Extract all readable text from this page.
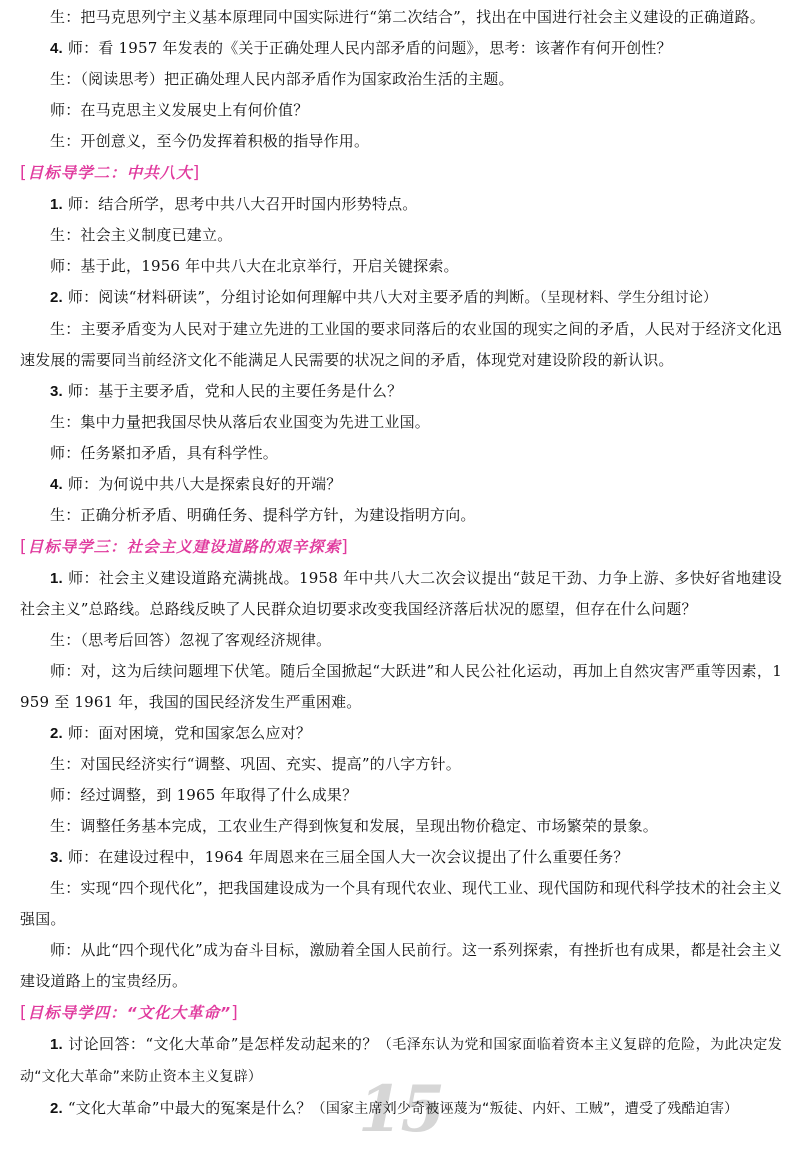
15

生：把马克思列宁主义基本原理同中国实际进行“第二次结合”，找出在中国进行社会主义建设的正确道路。

4. 师：看 1957 年发表的《关于正确处理人民内部矛盾的问题》，思考：该著作有何开创性？

生：（阅读思考）把正确处理人民内部矛盾作为国家政治生活的主题。

师：在马克思主义发展史上有何价值？

生：开创意义，至今仍发挥着积极的指导作用。

[目标导学二：中共八大]

1. 师：结合所学，思考中共八大召开时国内形势特点。

生：社会主义制度已建立。

师：基于此，1956 年中共八大在北京举行，开启关键探索。

2. 师：阅读“材料研读”，分组讨论如何理解中共八大对主要矛盾的判断。（呈现材料、学生分组讨论）

生：主要矛盾变为人民对于建立先进的工业国的要求同落后的农业国的现实之间的矛盾，人民对于经济文化迅速发展的需要同当前经济文化不能满足人民需要的状况之间的矛盾，体现党对建设阶段的新认识。

3. 师：基于主要矛盾，党和人民的主要任务是什么？

生：集中力量把我国尽快从落后农业国变为先进工业国。

师：任务紧扣矛盾，具有科学性。

4. 师：为何说中共八大是探索良好的开端？

生：正确分析矛盾、明确任务、提科学方针，为建设指明方向。

[目标导学三：社会主义建设道路的艰辛探索]

1. 师：社会主义建设道路充满挑战。1958 年中共八大二次会议提出“鼓足干劲、力争上游、多快好省地建设社会主义”总路线。总路线反映了人民群众迫切要求改变我国经济落后状况的愿望，但存在什么问题？

生：（思考后回答）忽视了客观经济规律。

师：对，这为后续问题埋下伏笔。随后全国掀起“大跃进”和人民公社化运动，再加上自然灾害严重等因素，1959 至 1961 年，我国的国民经济发生严重困难。

2. 师：面对困境，党和国家怎么应对？

生：对国民经济实行“调整、巩固、充实、提高”的八字方针。

师：经过调整，到 1965 年取得了什么成果？

生：调整任务基本完成，工农业生产得到恢复和发展，呈现出物价稳定、市场繁荣的景象。

3. 师：在建设过程中，1964 年周恩来在三届全国人大一次会议提出了什么重要任务？

生：实现“四个现代化”，把我国建设成为一个具有现代农业、现代工业、现代国防和现代科学技术的社会主义强国。

师：从此“四个现代化”成为奋斗目标，激励着全国人民前行。这一系列探索，有挫折也有成果，都是社会主义建设道路上的宝贵经历。

[目标导学四：“文化大革命”]

1. 讨论回答：“文化大革命”是怎样发动起来的？（毛泽东认为党和国家面临着资本主义复辟的危险，为此决定发动“文化大革命”来防止资本主义复辟）

2. “文化大革命”中最大的冤案是什么？（国家主席刘少奇被诬蔑为“叛徒、内奸、工贼”，遭受了残酷迫害）
